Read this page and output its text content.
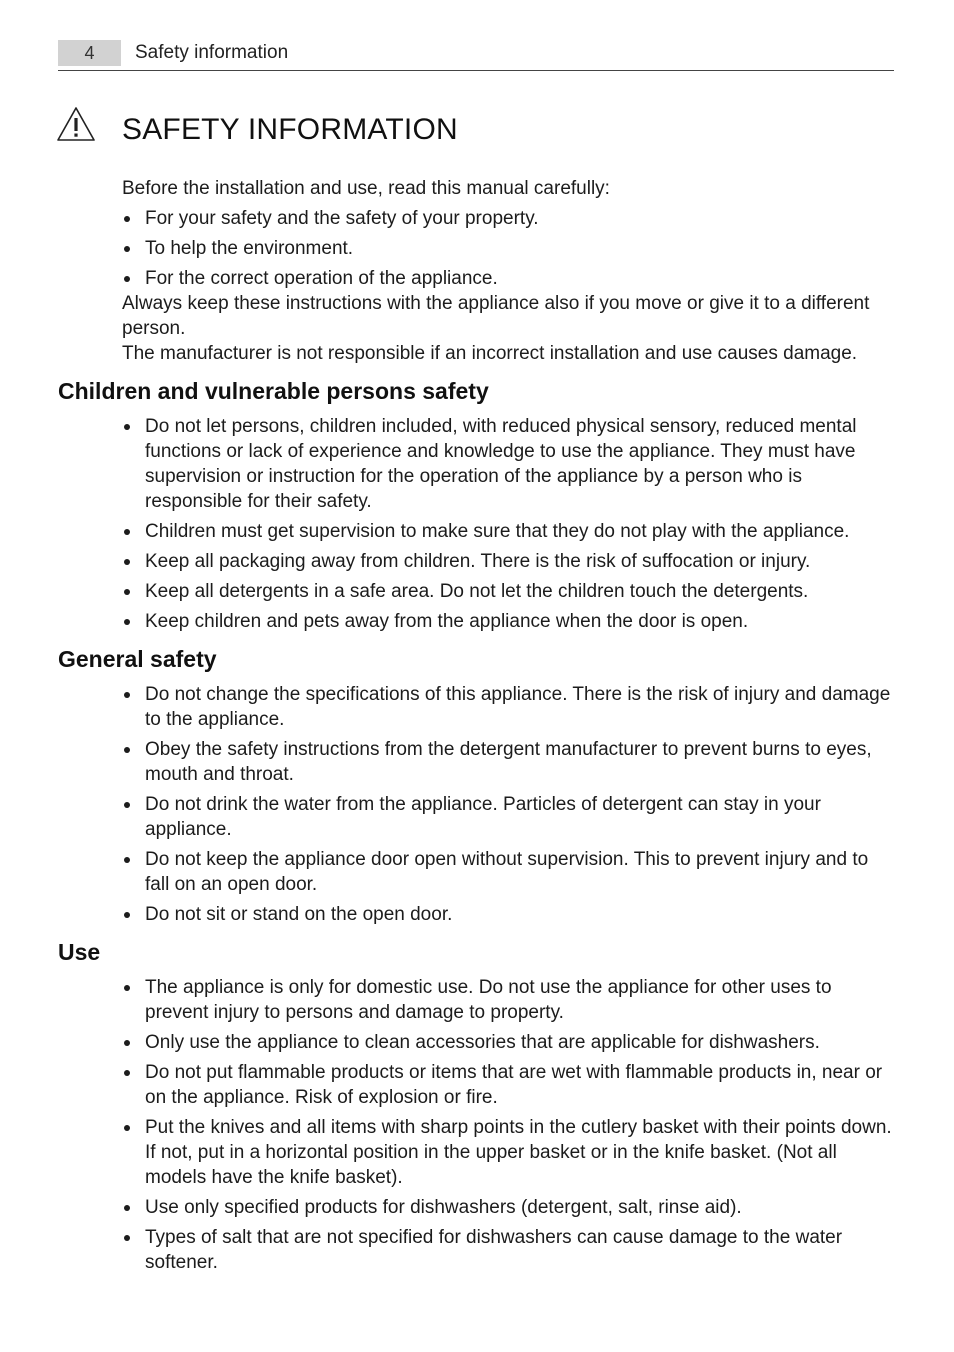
4	Safety information
SAFETY INFORMATION

Before the installation and use, read this manual carefully:

For your safety and the safety of your property.
To help the environment.
For the correct operation of the appliance.

Always keep these instructions with the appliance also if you move or give it to a different person.

The manufacturer is not responsible if an incorrect installation and use causes damage.

Children and vulnerable persons safety
Do not let persons, children included, with reduced physical sensory, reduced mental functions or lack of experience and knowledge to use the appliance. They must have supervision or instruction for the operation of the appliance by a person who is responsible for their safety.
Children must get supervision to make sure that they do not play with the appliance.
Keep all packaging away from children. There is the risk of suffocation or injury.
Keep all detergents in a safe area. Do not let the children touch the detergents.
Keep children and pets away from the appliance when the door is open.
General safety
Do not change the specifications of this appliance. There is the risk of injury and damage to the appliance.
Obey the safety instructions from the detergent manufacturer to prevent burns to eyes, mouth and throat.
Do not drink the water from the appliance. Particles of detergent can stay in your appliance.
Do not keep the appliance door open without supervision. This to prevent injury and to fall on an open door.
Do not sit or stand on the open door.
Use
The appliance is only for domestic use. Do not use the appliance for other uses to prevent injury to persons and damage to property.
Only use the appliance to clean accessories that are applicable for dishwashers.
Do not put flammable products or items that are wet with flammable products in, near or on the appliance. Risk of explosion or fire.
Put the knives and all items with sharp points in the cutlery basket with their points down. If not, put in a horizontal position in the upper basket or in the knife basket. (Not all models have the knife basket).
Use only specified products for dishwashers (detergent, salt, rinse aid).
Types of salt that are not specified for dishwashers can cause damage to the water softener.
